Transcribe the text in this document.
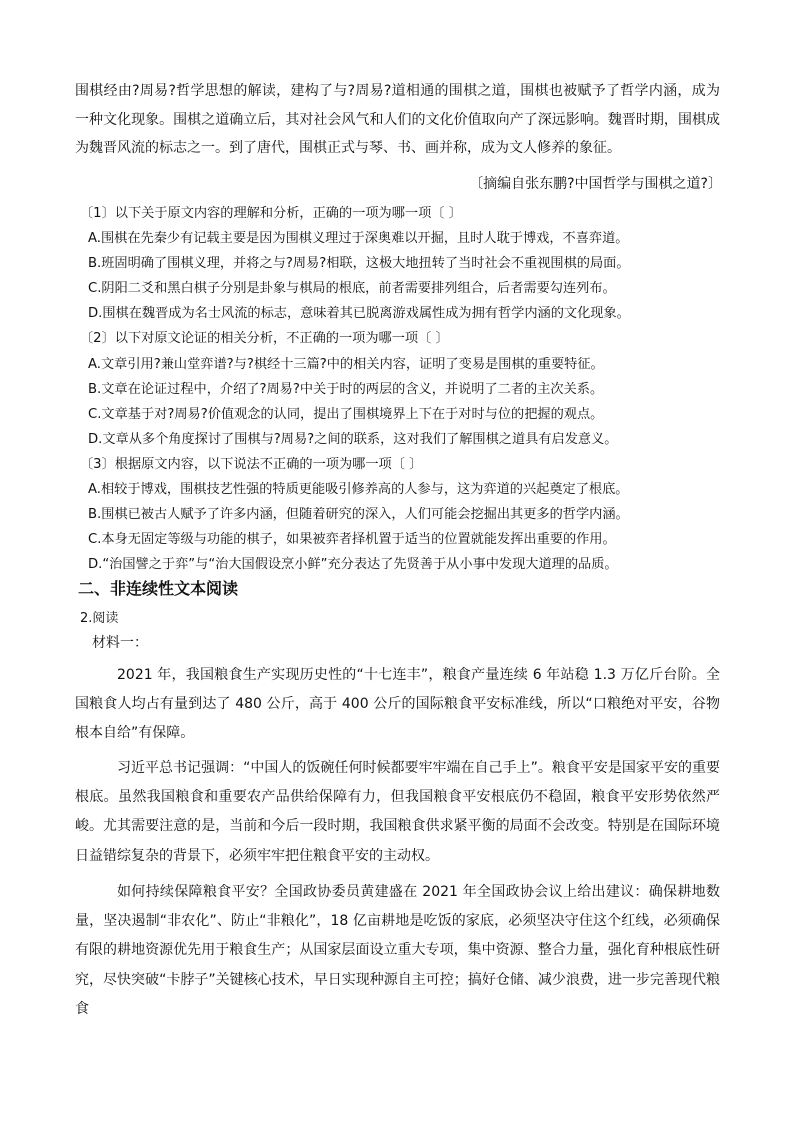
围棋经由?周易?哲学思想的解读，建构了与?周易?道相通的围棋之道，围棋也被赋予了哲学内涵，成为一种文化现象。围棋之道确立后，其对社会风气和人们的文化价值取向产了深远影响。魏晋时期，围棋成为魏晋风流的标志之一。到了唐代，围棋正式与琴、书、画并称，成为文人修养的象征。

〔摘编自张东鹏?中国哲学与围棋之道?〕

〔1〕以下关于原文内容的理解和分析，正确的一项为哪一项〔 〕

A.围棋在先秦少有记载主要是因为围棋义理过于深奥难以开掘，且时人耽于博戏，不喜弈道。

B.班固明确了围棋义理，并将之与?周易?相联，这极大地扭转了当时社会不重视围棋的局面。

C.阴阳二爻和黑白棋子分别是卦象与棋局的根底，前者需要排列组合，后者需要勾连列布。

D.围棋在魏晋成为名士风流的标志，意味着其已脱离游戏属性成为拥有哲学内涵的文化现象。

〔2〕以下对原文论证的相关分析，不正确的一项为哪一项〔 〕

A.文章引用?兼山堂弈谱?与?棋经十三篇?中的相关内容，证明了变易是围棋的重要特征。

B.文章在论证过程中，介绍了?周易?中关于时的两层的含义，并说明了二者的主次关系。

C.文章基于对?周易?价值观念的认同，提出了围棋境界上下在于对时与位的把握的观点。

D.文章从多个角度探讨了围棋与?周易?之间的联系，这对我们了解围棋之道具有启发意义。

〔3〕根据原文内容，以下说法不正确的一项为哪一项〔 〕

A.相较于博戏，围棋技艺性强的特质更能吸引修养高的人参与，这为弈道的兴起奠定了根底。

B.围棋已被古人赋予了许多内涵，但随着研究的深入，人们可能会挖掘出其更多的哲学内涵。

C.本身无固定等级与功能的棋子，如果被弈者择机置于适当的位置就能发挥出重要的作用。

D.“治国譬之于弈”与“治大国假设烹小鲜”充分表达了先贤善于从小事中发现大道理的品质。

二、非连续性文本阅读

2.阅读

材料一：

2021 年，我国粮食生产实现历史性的“十七连丰”，粮食产量连续 6 年站稳 1.3 万亿斤台阶。全国粮食人均占有量到达了 480 公斤，高于 400 公斤的国际粮食平安标准线，所以“口粮绝对平安，谷物根本自给”有保障。

习近平总书记强调：“中国人的饭碗任何时候都要牢牢端在自己手上”。粮食平安是国家平安的重要根底。虽然我国粮食和重要农产品供给保障有力，但我国粮食平安根底仍不稳固，粮食平安形势依然严峻。尤其需要注意的是，当前和今后一段时期，我国粮食供求紧平衡的局面不会改变。特别是在国际环境日益错综复杂的背景下，必须牢牢把住粮食平安的主动权。

如何持续保障粮食平安？全国政协委员黄建盛在 2021 年全国政协会议上给出建议：确保耕地数量，坚决遏制“非农化”、防止“非粮化”，18 亿亩耕地是吃饭的家底，必须坚决守住这个红线，必须确保有限的耕地资源优先用于粮食生产；从国家层面设立重大专项，集中资源、整合力量，强化育种根底性研究，尽快突破“卡脖子”关键核心技术，早日实现种源自主可控；搞好仓储、减少浪费，进一步完善现代粮食
